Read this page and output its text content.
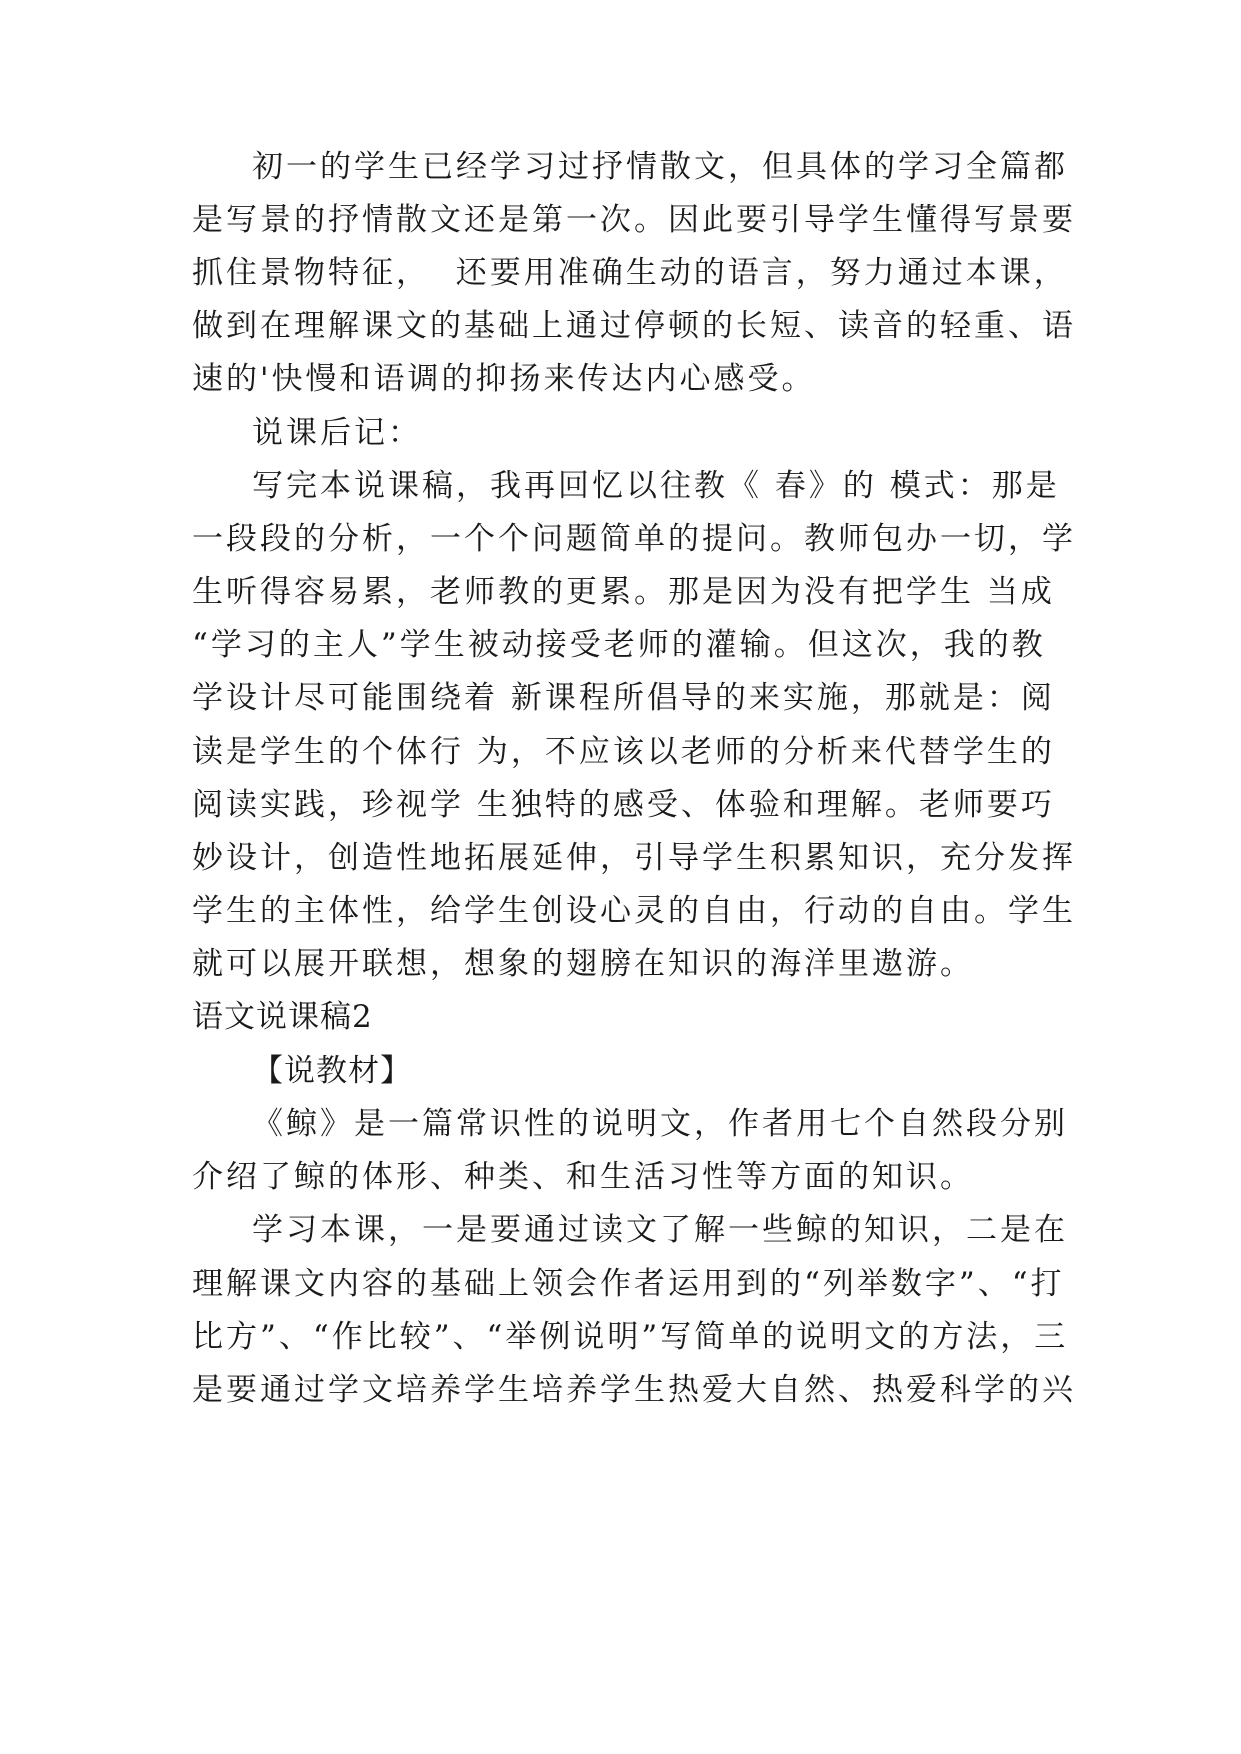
初一的学生已经学习过抒情散文，但具体的学习全篇都
是写景的抒情散文还是第一次。因此要引导学生懂得写景要
抓住景物特征，  还要用准确生动的语言，努力通过本课，
做到在理解课文的基础上通过停顿的长短、读音的轻重、语
速的'快慢和语调的抑扬来传达内心感受。
说课后记：
写完本说课稿，我再回忆以往教《 春》的 模式：那是
一段段的分析，一个个问题简单的提问。教师包办一切，学
生听得容易累，老师教的更累。那是因为没有把学生 当成
“学习的主人”学生被动接受老师的灌输。但这次，我的教
学设计尽可能围绕着 新课程所倡导的来实施，那就是：阅
读是学生的个体行 为，不应该以老师的分析来代替学生的
阅读实践，珍视学 生独特的感受、体验和理解。老师要巧
妙设计，创造性地拓展延伸，引导学生积累知识，充分发挥
学生的主体性，给学生创设心灵的自由，行动的自由。学生
就可以展开联想，想象的翅膀在知识的海洋里遨游。
语文说课稿2
【说教材】
《鲸》是一篇常识性的说明文，作者用七个自然段分别
介绍了鲸的体形、种类、和生活习性等方面的知识。
学习本课，一是要通过读文了解一些鲸的知识，二是在
理解课文内容的基础上领会作者运用到的“列举数字”、“打
比方”、“作比较”、“举例说明”写简单的说明文的方法，三
是要通过学文培养学生培养学生热爱大自然、热爱科学的兴
